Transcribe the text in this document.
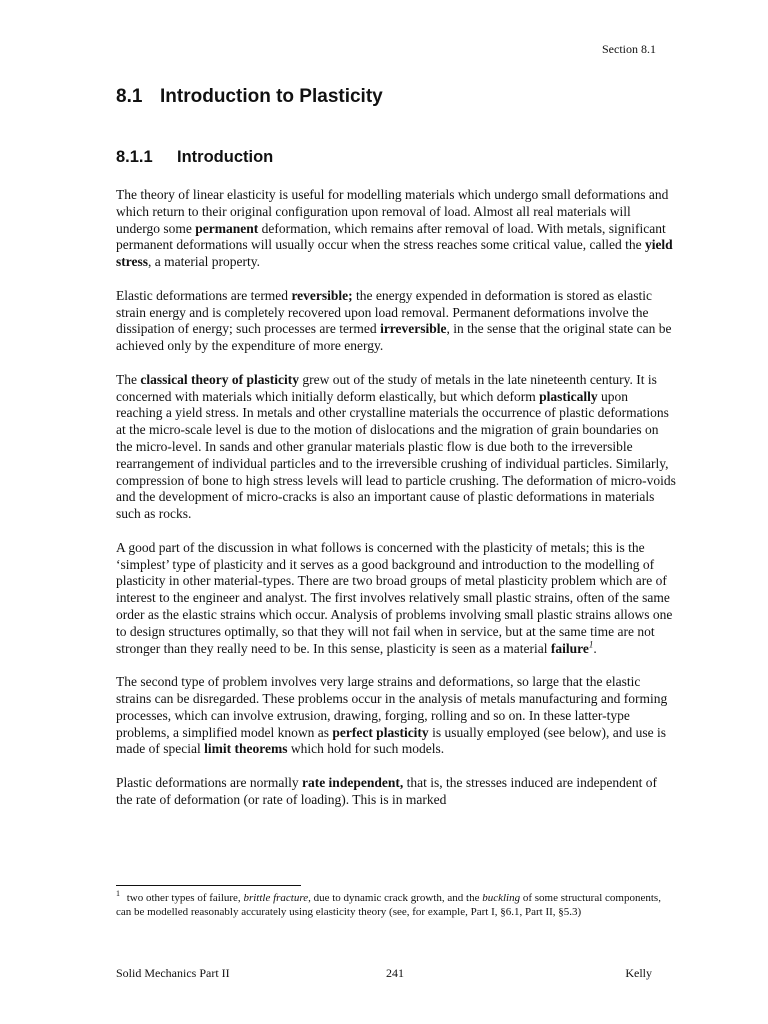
Section 8.1
8.1 Introduction to Plasticity
8.1.1 Introduction

The theory of linear elasticity is useful for modelling materials which undergo small deformations and which return to their original configuration upon removal of load. Almost all real materials will undergo some permanent deformation, which remains after removal of load. With metals, significant permanent deformations will usually occur when the stress reaches some critical value, called the yield stress, a material property.

Elastic deformations are termed reversible; the energy expended in deformation is stored as elastic strain energy and is completely recovered upon load removal. Permanent deformations involve the dissipation of energy; such processes are termed irreversible, in the sense that the original state can be achieved only by the expenditure of more energy.

The classical theory of plasticity grew out of the study of metals in the late nineteenth century. It is concerned with materials which initially deform elastically, but which deform plastically upon reaching a yield stress. In metals and other crystalline materials the occurrence of plastic deformations at the micro-scale level is due to the motion of dislocations and the migration of grain boundaries on the micro-level. In sands and other granular materials plastic flow is due both to the irreversible rearrangement of individual particles and to the irreversible crushing of individual particles. Similarly, compression of bone to high stress levels will lead to particle crushing. The deformation of micro-voids and the development of micro-cracks is also an important cause of plastic deformations in materials such as rocks.

A good part of the discussion in what follows is concerned with the plasticity of metals; this is the ‘simplest’ type of plasticity and it serves as a good background and introduction to the modelling of plasticity in other material-types. There are two broad groups of metal plasticity problem which are of interest to the engineer and analyst. The first involves relatively small plastic strains, often of the same order as the elastic strains which occur. Analysis of problems involving small plastic strains allows one to design structures optimally, so that they will not fail when in service, but at the same time are not stronger than they really need to be. In this sense, plasticity is seen as a material failure$^1$.

The second type of problem involves very large strains and deformations, so large that the elastic strains can be disregarded. These problems occur in the analysis of metals manufacturing and forming processes, which can involve extrusion, drawing, forging, rolling and so on. In these latter-type problems, a simplified model known as perfect plasticity is usually employed (see below), and use is made of special limit theorems which hold for such models.

Plastic deformations are normally rate independent, that is, the stresses induced are independent of the rate of deformation (or rate of loading). This is in marked

$^1$ two other types of failure, brittle fracture, due to dynamic crack growth, and the buckling of some structural components, can be modelled reasonably accurately using elasticity theory (see, for example, Part I, §6.1, Part II, §5.3)
Solid Mechanics Part II	241	Kelly
